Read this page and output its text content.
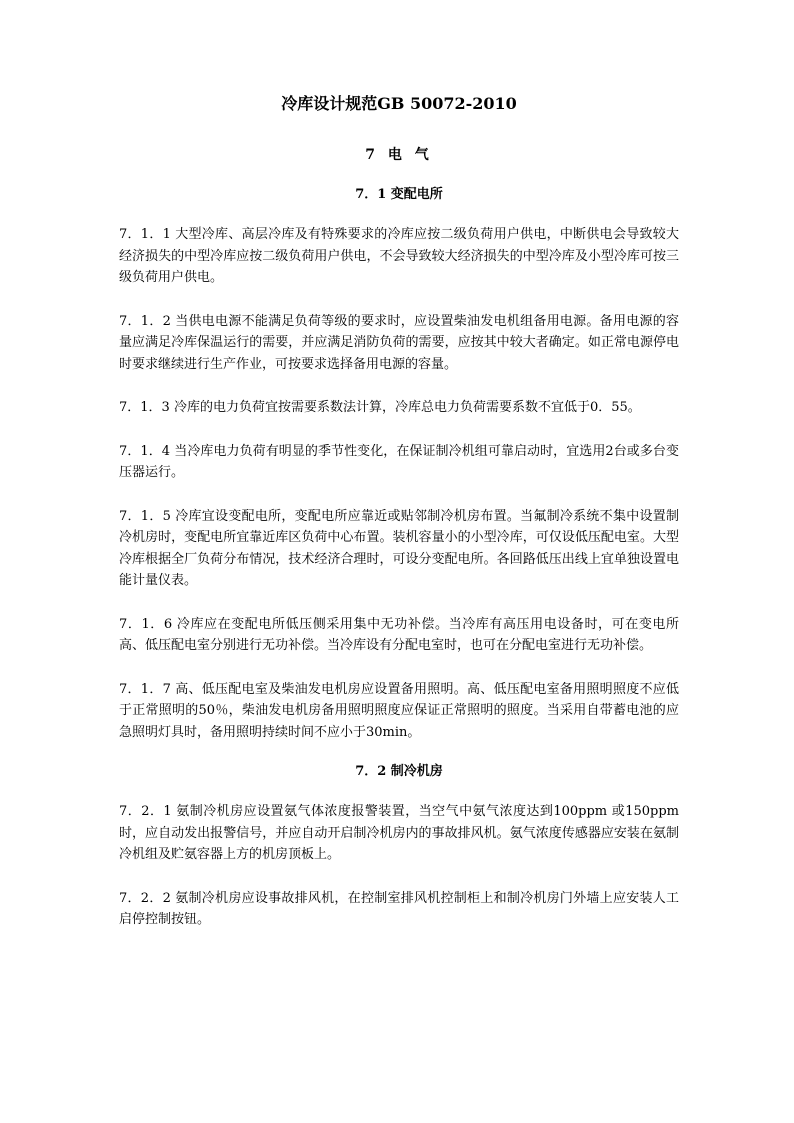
冷库设计规范GB 50072-2010
7 电 气
7．1 变配电所

7．1．1 大型冷库、高层冷库及有特殊要求的冷库应按二级负荷用户供电，中断供电会导致较大经济损失的中型冷库应按二级负荷用户供电，不会导致较大经济损失的中型冷库及小型冷库可按三级负荷用户供电。

7．1．2 当供电电源不能满足负荷等级的要求时，应设置柴油发电机组备用电源。备用电源的容量应满足冷库保温运行的需要，并应满足消防负荷的需要，应按其中较大者确定。如正常电源停电时要求继续进行生产作业，可按要求选择备用电源的容量。

7．1．3 冷库的电力负荷宜按需要系数法计算，冷库总电力负荷需要系数不宜低于0．55。

7．1．4 当冷库电力负荷有明显的季节性变化，在保证制冷机组可靠启动时，宜选用2台或多台变压器运行。

7．1．5 冷库宜设变配电所，变配电所应靠近或贴邻制冷机房布置。当氟制冷系统不集中设置制冷机房时，变配电所宜靠近库区负荷中心布置。装机容量小的小型冷库，可仅设低压配电室。大型冷库根据全厂负荷分布情况，技术经济合理时，可设分变配电所。各回路低压出线上宜单独设置电能计量仪表。

7．1．6 冷库应在变配电所低压侧采用集中无功补偿。当冷库有高压用电设备时，可在变电所高、低压配电室分别进行无功补偿。当冷库设有分配电室时，也可在分配电室进行无功补偿。

7．1．7 高、低压配电室及柴油发电机房应设置备用照明。高、低压配电室备用照明照度不应低于正常照明的50％，柴油发电机房备用照明照度应保证正常照明的照度。当采用自带蓄电池的应急照明灯具时，备用照明持续时间不应小于30min。

7．2 制冷机房

7．2．1 氨制冷机房应设置氨气体浓度报警装置，当空气中氨气浓度达到100ppm 或150ppm 时，应自动发出报警信号，并应自动开启制冷机房内的事故排风机。氨气浓度传感器应安装在氨制冷机组及贮氨容器上方的机房顶板上。

7．2．2 氨制冷机房应设事故排风机，在控制室排风机控制柜上和制冷机房门外墙上应安装人工启停控制按钮。
